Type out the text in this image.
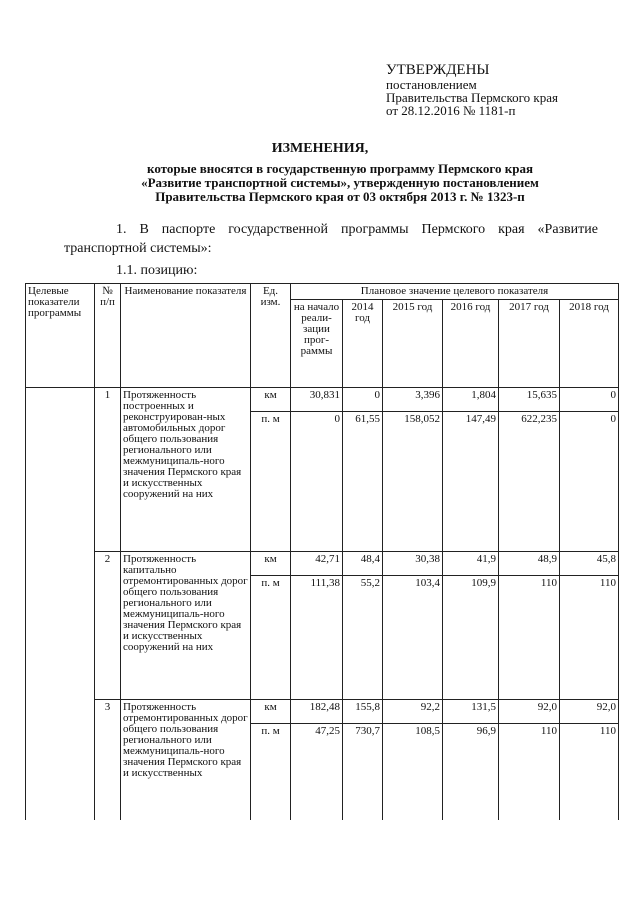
УТВЕРЖДЕНЫ
постановлением
Правительства Пермского края
от 28.12.2016 № 1181-п
ИЗМЕНЕНИЯ,
которые вносятся в государственную программу Пермского края
«Развитие транспортной системы», утвержденную постановлением
Правительства Пермского края от 03 октября 2013 г. № 1323-п
1. В паспорте государственной программы Пермского края «Развитие транспортной системы»:
1.1. позицию:
Целевые показатели программы	№ п/п	Наименование показателя	Ед. изм.	Плановое значение целевого показателя					
				на начало реали-зации прог-раммы	2014 год	2015 год	2016 год	2017 год	2018 год
	1	Протяженность построенных и реконструирован-ных автомобильных дорог общего пользования регионального или межмуниципаль-ного значения Пермского края и искусственных сооружений на них	км	30,831	0	3,396	1,804	15,635	0
			п. м	0	61,55	158,052	147,49	622,235	0
	2	Протяженность капитально отремонтированных дорог общего пользования регионального или межмуниципаль-ного значения Пермского края и искусственных сооружений на них	км	42,71	48,4	30,38	41,9	48,9	45,8
			п. м	111,38	55,2	103,4	109,9	110	110
	3	Протяженность отремонтированных дорог общего пользования регионального или межмуниципаль-ного значения Пермского края и искусственных	км	182,48	155,8	92,2	131,5	92,0	92,0
			п. м	47,25	730,7	108,5	96,9	110	110
